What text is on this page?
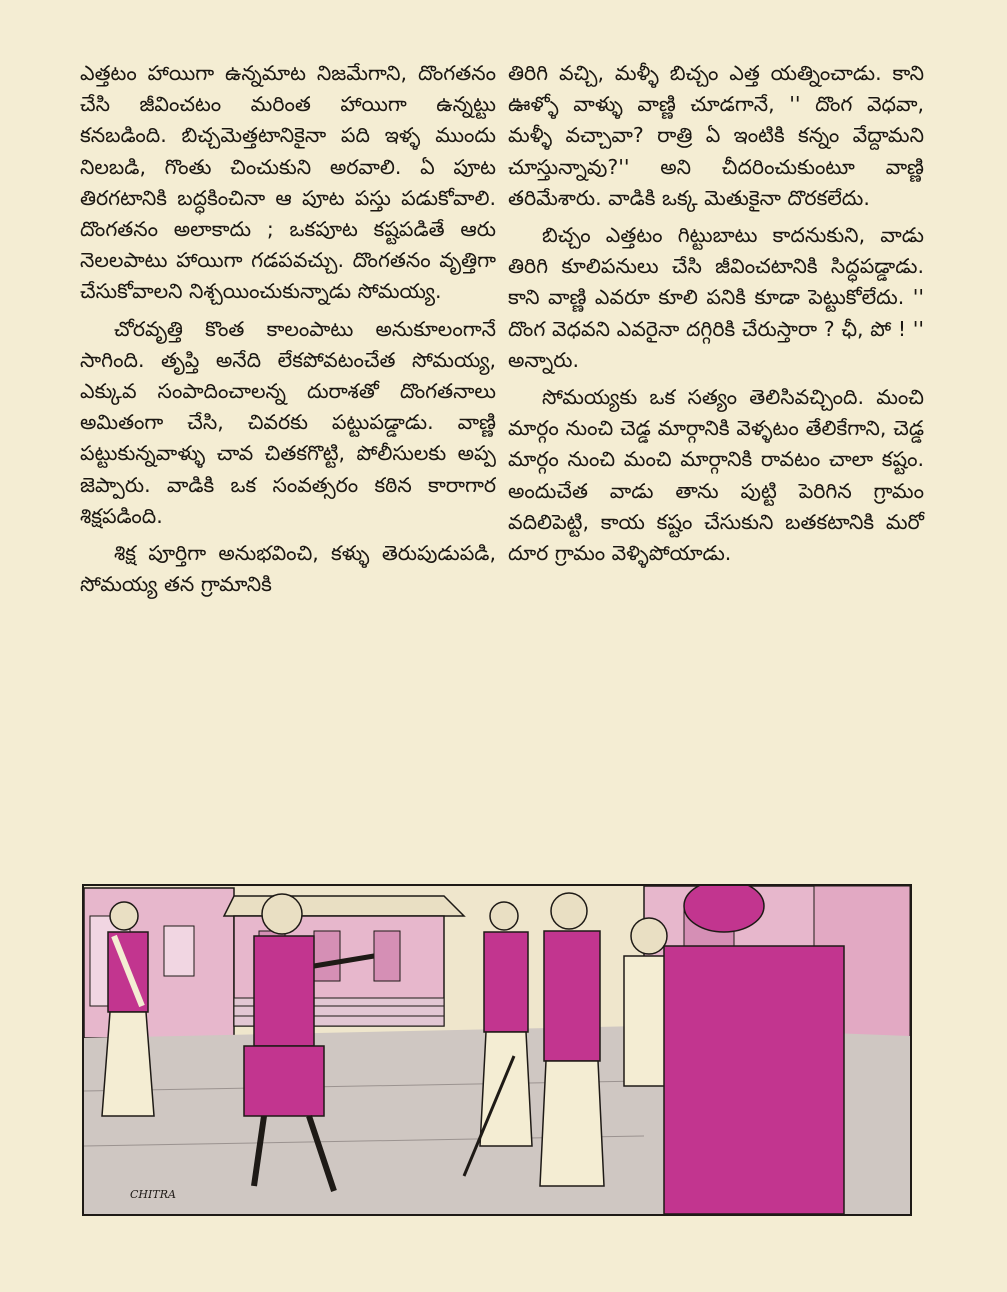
ఎత్తటం హాయిగా ఉన్నమాట నిజమేగాని, దొంగతనం చేసి జీవించటం మరింత హాయిగా ఉన్నట్టు కనబడింది. బిచ్చమెత్తటానికైనా పది ఇళ్ళ ముందు నిలబడి, గొంతు చించుకుని అరవాలి. ఏ పూట తిరగటానికి బద్ధకించినా ఆ పూట పస్తు పడుకోవాలి. దొంగతనం అలాకాదు ; ఒకపూట కష్టపడితే ఆరు నెలలపాటు హాయిగా గడపవచ్చు. దొంగతనం వృత్తిగా చేసుకోవాలని నిశ్చయించుకున్నాడు సోమయ్య.

చోరవృత్తి కొంత కాలంపాటు అనుకూలంగానే సాగింది. తృప్తి అనేది లేకపోవటంచేత సోమయ్య, ఎక్కువ సంపాదించాలన్న దురాశతో దొంగతనాలు అమితంగా చేసి, చివరకు పట్టుపడ్డాడు. వాణ్ణి పట్టుకున్నవాళ్ళు చావ చితకగొట్టి, పోలీసులకు అప్ప జెప్పారు. వాడికి ఒక సంవత్సరం కఠిన కారాగార శిక్షపడింది.

శిక్ష పూర్తిగా అనుభవించి, కళ్ళు తెరుపుడుపడి, సోమయ్య తన గ్రామానికి

తిరిగి వచ్చి, మళ్ళీ బిచ్చం ఎత్త యత్నించాడు. కాని ఊళ్ళో వాళ్ళు వాణ్ణి చూడగానే, '' దొంగ వెధవా, మళ్ళీ వచ్చావా? రాత్రి ఏ ఇంటికి కన్నం వేద్దామని చూస్తున్నావు?'' అని చీదరించుకుంటూ వాణ్ణి తరిమేశారు. వాడికి ఒక్క మెతుకైనా దొరకలేదు.

బిచ్చం ఎత్తటం గిట్టుబాటు కాదనుకుని, వాడు తిరిగి కూలిపనులు చేసి జీవించటానికి సిద్ధపడ్డాడు. కాని వాణ్ణి ఎవరూ కూలి పనికి కూడా పెట్టుకోలేదు. '' దొంగ వెధవని ఎవరైనా దగ్గిరికి చేరుస్తారా ? ఛీ, పో ! '' అన్నారు.

సోమయ్యకు ఒక సత్యం తెలిసివచ్చింది. మంచి మార్గం నుంచి చెడ్డ మార్గానికి వెళ్ళటం తేలికేగాని, చెడ్డ మార్గం నుంచి మంచి మార్గానికి రావటం చాలా కష్టం. అందుచేత వాడు తాను పుట్టి పెరిగిన గ్రామం వదిలిపెట్టి, కాయ కష్టం చేసుకుని బతకటానికి మరో దూర గ్రామం వెళ్ళిపోయాడు.

CHITRA
